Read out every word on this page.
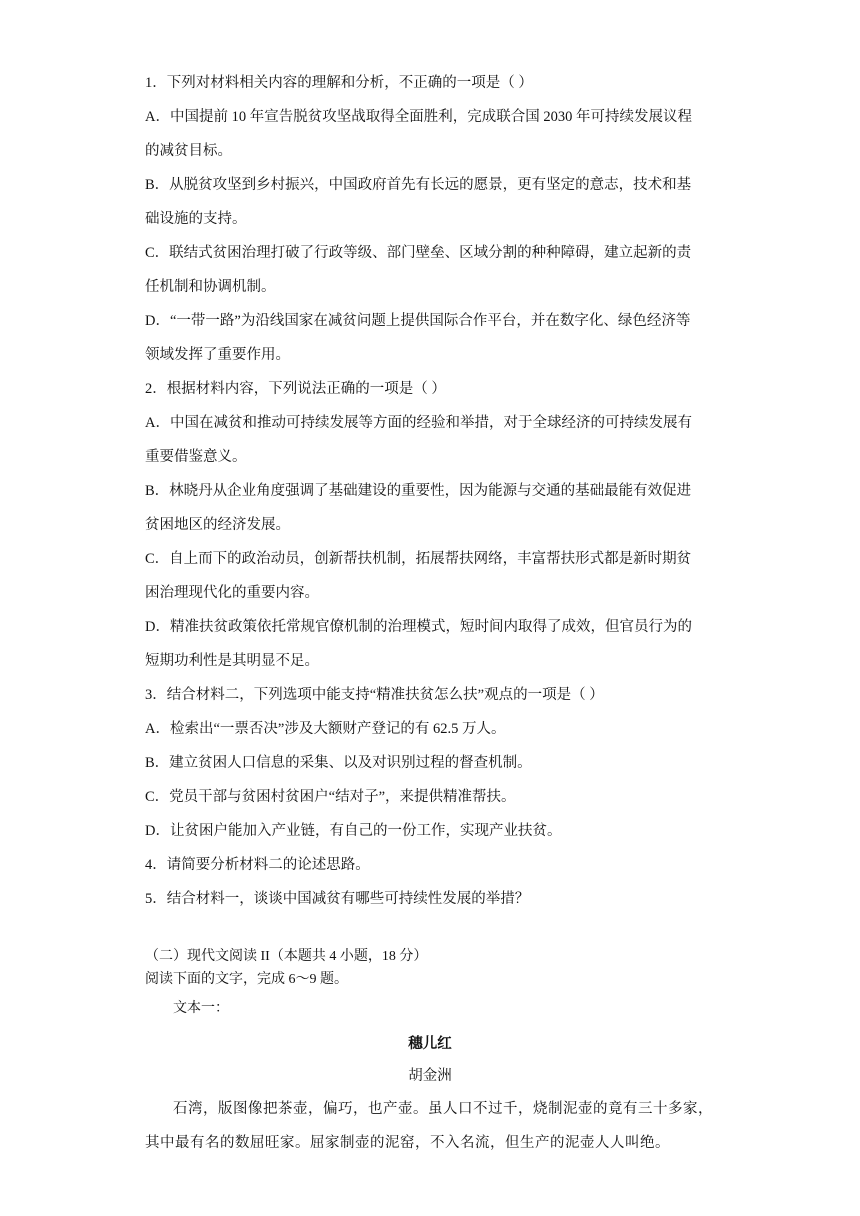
1．下列对材料相关内容的理解和分析，不正确的一项是（ ）
A．中国提前 10 年宣告脱贫攻坚战取得全面胜利，完成联合国 2030 年可持续发展议程
的减贫目标。
B．从脱贫攻坚到乡村振兴，中国政府首先有长远的愿景，更有坚定的意志，技术和基
础设施的支持。
C．联结式贫困治理打破了行政等级、部门壁垒、区域分割的种种障碍，建立起新的责
任机制和协调机制。
D．“一带一路”为沿线国家在减贫问题上提供国际合作平台，并在数字化、绿色经济等
领域发挥了重要作用。
2．根据材料内容，下列说法正确的一项是（ ）
A．中国在减贫和推动可持续发展等方面的经验和举措，对于全球经济的可持续发展有
重要借鉴意义。
B．林晓丹从企业角度强调了基础建设的重要性，因为能源与交通的基础最能有效促进
贫困地区的经济发展。
C．自上而下的政治动员，创新帮扶机制，拓展帮扶网络，丰富帮扶形式都是新时期贫
困治理现代化的重要内容。
D．精准扶贫政策依托常规官僚机制的治理模式，短时间内取得了成效，但官员行为的
短期功利性是其明显不足。
3．结合材料二，下列选项中能支持“精准扶贫怎么扶”观点的一项是（ ）
A．检索出“一票否决”涉及大额财产登记的有 62.5 万人。
B．建立贫困人口信息的采集、以及对识别过程的督查机制。
C．党员干部与贫困村贫困户“结对子”，来提供精准帮扶。
D．让贫困户能加入产业链，有自己的一份工作，实现产业扶贫。
4．请简要分析材料二的论述思路。
5．结合材料一，谈谈中国减贫有哪些可持续性发展的举措？
（二）现代文阅读 II（本题共 4 小题，18 分）
阅读下面的文字，完成 6～9 题。
文本一：
穗儿红
胡金洲
石湾，版图像把茶壶，偏巧，也产壶。虽人口不过千，烧制泥壶的竟有三十多家，
其中最有名的数屈旺家。屈家制壶的泥窑，不入名流，但生产的泥壶人人叫绝。
